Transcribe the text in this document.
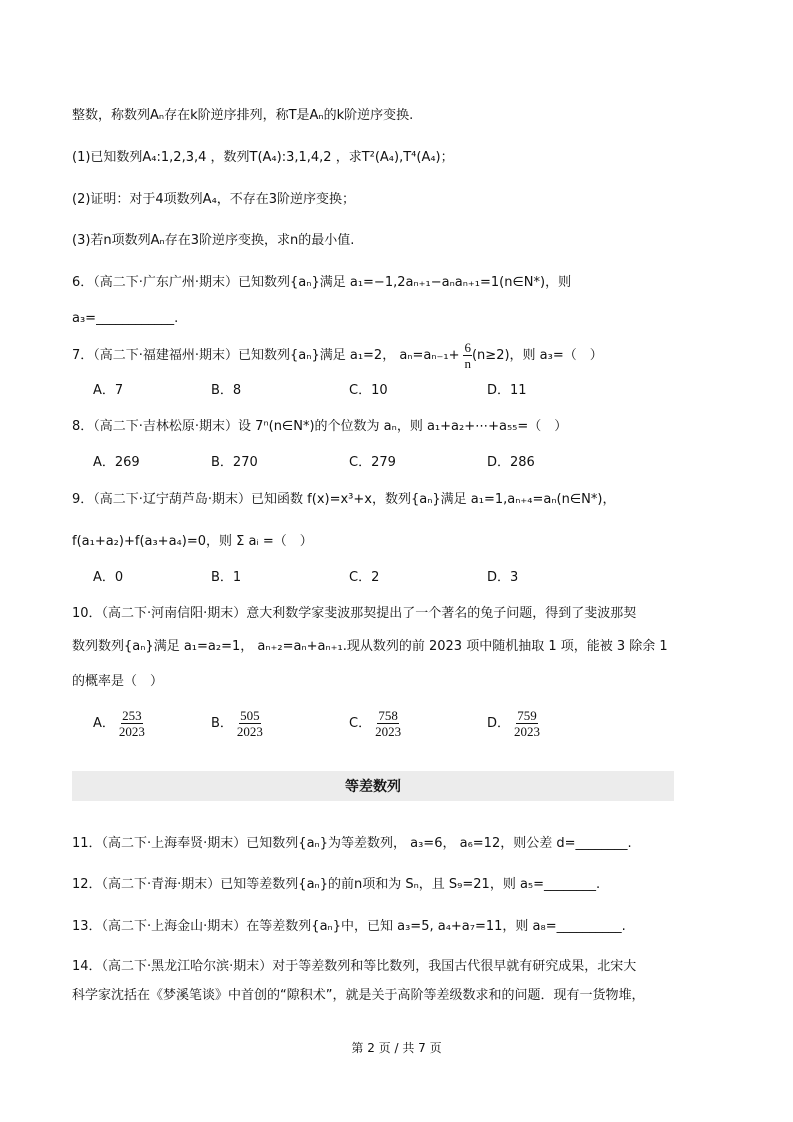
整数，称数列Aₙ存在k阶逆序排列，称T是Aₙ的k阶逆序变换.
(1)已知数列A₄:1,2,3,4 ，数列T(A₄):3,1,4,2 ，求T²(A₄),T⁴(A₄)；
(2)证明：对于4项数列A₄，不存在3阶逆序变换；
(3)若n项数列Aₙ存在3阶逆序变换，求n的最小值.
6．（高二下·广东广州·期末）已知数列{aₙ}满足 a₁=−1,2aₙ₊₁−aₙaₙ₊₁=1(n∈N*)，则
a₃=____________.
7．（高二下·福建福州·期末）已知数列{aₙ}满足 a₁=2， $a_n=a_{n-1}+ \frac{6}{n} (n\ge 2)$，则 a₃=（　）
A．7	B．8	C．10	D．11
8．（高二下·吉林松原·期末）设 7ⁿ(n∈N*)的个位数为 aₙ，则 a₁+a₂+⋯+a₅₅=（　）
A．269	B．270	C．279	D．286
9．（高二下·辽宁葫芦岛·期末）已知函数 f(x)=x³+x，数列{aₙ}满足 a₁=1,aₙ₊₄=aₙ(n∈N*)，
f(a₁+a₂)+f(a₃+a₄)=0，则 Σ aᵢ =（　）
A．0	B．1	C．2	D．3
10．（高二下·河南信阳·期末）意大利数学家斐波那契提出了一个著名的兔子问题，得到了斐波那契
数列数列{aₙ}满足 a₁=a₂=1， aₙ₊₂=aₙ+aₙ₊₁.现从数列的前 2023 项中随机抽取 1 项，能被 3 除余 1
的概率是（　）
A． $\frac{253}{2023}$	B． $\frac{505}{2023}$	C． $\frac{758}{2023}$	D． $\frac{759}{2023}$
等差数列
11．（高二下·上海奉贤·期末）已知数列{aₙ}为等差数列， a₃=6， a₆=12，则公差 d=________.
12．（高二下·青海·期末）已知等差数列{aₙ}的前n项和为 Sₙ，且 S₉=21，则 a₅=________.
13．（高二下·上海金山·期末）在等差数列{aₙ}中，已知 a₃=5, a₄+a₇=11，则 a₈=__________.
14．（高二下·黑龙江哈尔滨·期末）对于等差数列和等比数列，我国古代很早就有研究成果，北宋大
科学家沈括在《梦溪笔谈》中首创的“隙积术”，就是关于高阶等差级数求和的问题．现有一货物堆，
第 2 页 / 共 7 页
